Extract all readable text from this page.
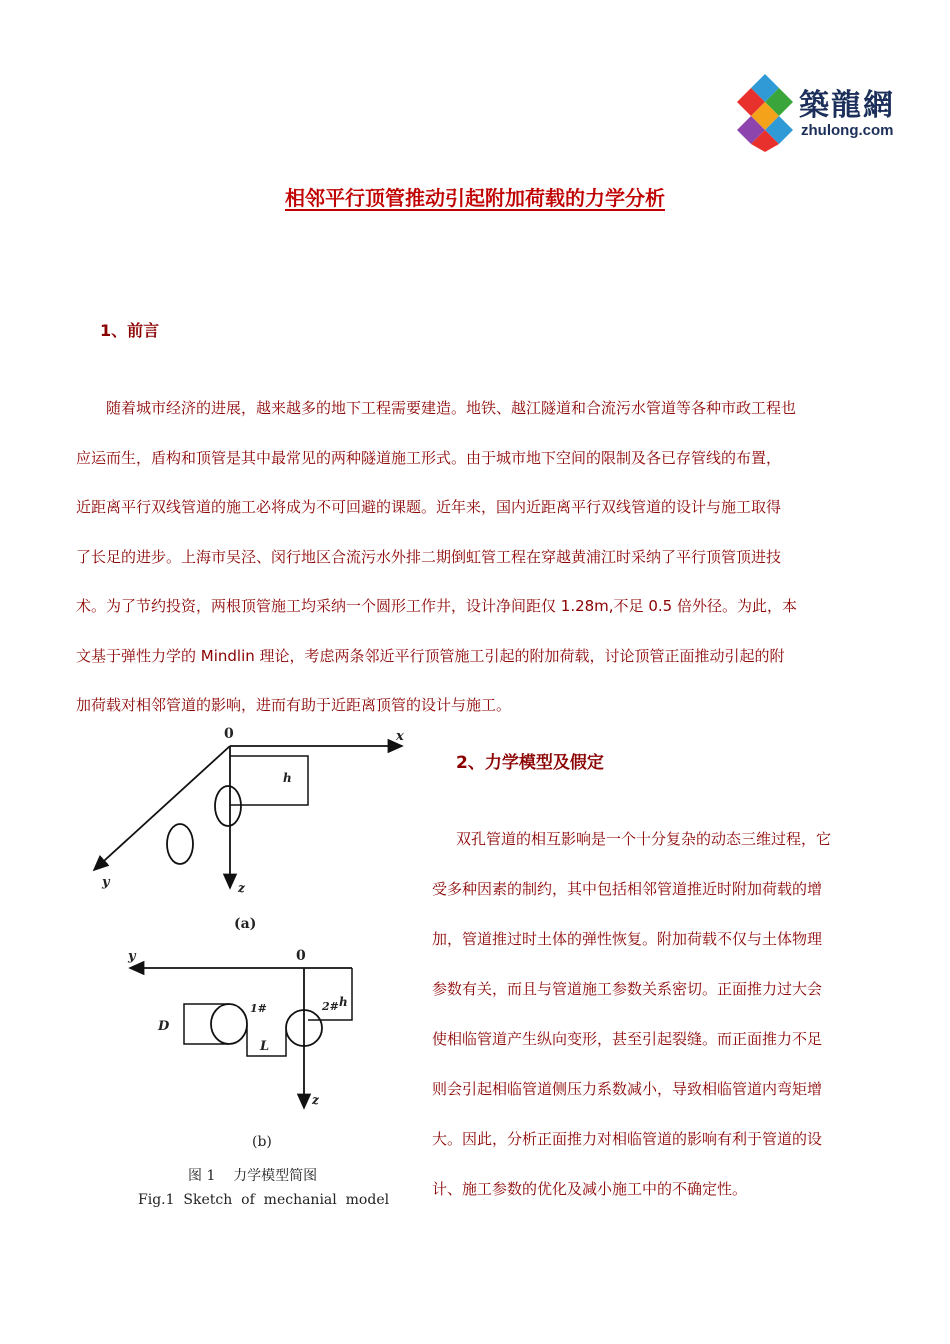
築龍網
zhulong.com
相邻平行顶管推动引起附加荷载的力学分析
1、前言

随着城市经济的进展，越来越多的地下工程需要建造。地铁、越江隧道和合流污水管道等各种市政工程也
应运而生，盾构和顶管是其中最常见的两种隧道施工形式。由于城市地下空间的限制及各已存管线的布置，
近距离平行双线管道的施工必将成为不可回避的课题。近年来，国内近距离平行双线管道的设计与施工取得
了长足的进步。上海市吴泾、闵行地区合流污水外排二期倒虹管工程在穿越黄浦江时采纳了平行顶管顶进技
术。为了节约投资，两根顶管施工均采纳一个圆形工作井，设计净间距仅 1.28m,不足 0.5 倍外径。为此，本
文基于弹性力学的 Mindlin 理论，考虑两条邻近平行顶管施工引起的附加荷载，讨论顶管正面推动引起的附
加荷载对相邻管道的影响，进而有助于近距离顶管的设计与施工。

2、力学模型及假定

双孔管道的相互影响是一个十分复杂的动态三维过程，它
受多种因素的制约，其中包括相邻管道推近时附加荷载的增
加，管道推过时土体的弹性恢复。附加荷载不仅与土体物理
参数有关，而且与管道施工参数关系密切。正面推力过大会
使相临管道产生纵向变形，甚至引起裂缝。而正面推力不足
则会引起相临管道侧压力系数减小，导致相临管道内弯矩增
大。因此，分析正面推力对相临管道的影响有利于管道的设
计、施工参数的优化及减小施工中的不确定性。

0	x
y	z
h
(a)
0
y
z
h
D
L
1#	2#
(b)
图 1    力学模型简图
Fig.1  Sketch  of  mechanial  model
